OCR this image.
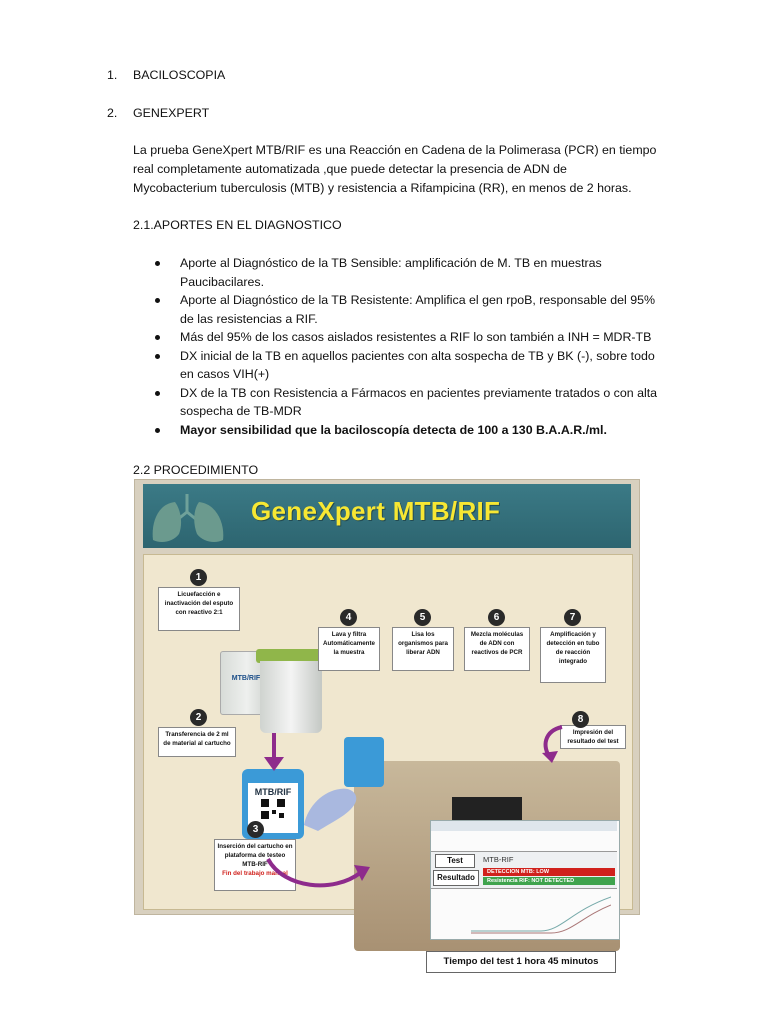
1. BACILOSCOPIA
2. GENEXPERT
La prueba GeneXpert MTB/RIF es una Reacción en Cadena de la Polimerasa (PCR) en tiempo
real completamente automatizada ,que puede detectar la presencia de ADN de
Mycobacterium tuberculosis (MTB) y resistencia a Rifampicina (RR), en menos de 2 horas.
2.1.APORTES EN EL DIAGNOSTICO
Aporte al Diagnóstico de la TB Sensible: amplificación de M. TB en muestras
Paucibacilares.
Aporte al Diagnóstico de la TB Resistente: Amplifica el gen rpoB, responsable del 95%
de las resistencias a RIF.
Más del 95% de los casos aislados resistentes a RIF lo son también a INH = MDR-TB
DX inicial de la TB en aquellos pacientes con alta sospecha de TB y BK (-), sobre todo
en casos VIH(+)
DX de la TB con Resistencia a Fármacos en pacientes previamente tratados o con alta
sospecha de TB-MDR
Mayor sensibilidad que la baciloscopía detecta de 100 a 130 B.A.A.R./ml.
2.2 PROCEDIMIENTO
GeneXpert MTB/RIF
MTB/RIF
MTB/RIF
Test	MTB-RIF
Resultado
DETECCION MTB: LOW
Resistencia RIF: NOT DETECTED
Tiempo del test 1 hora 45 minutos
Licuefacción e inactivación del esputo con reactivo 2:1
1
Transferencia de 2 ml de material al cartucho
2
Inserción del cartucho en plataforma de testeo MTB-RIF
Fin del trabajo manual
3
Lava y filtra Automáticamente la muestra
4
Lisa los organismos para liberar ADN
5
Mezcla moléculas de ADN con reactivos de PCR
6
Amplificación y detección en tubo de reacción integrado
7
Impresión del resultado del test
8
